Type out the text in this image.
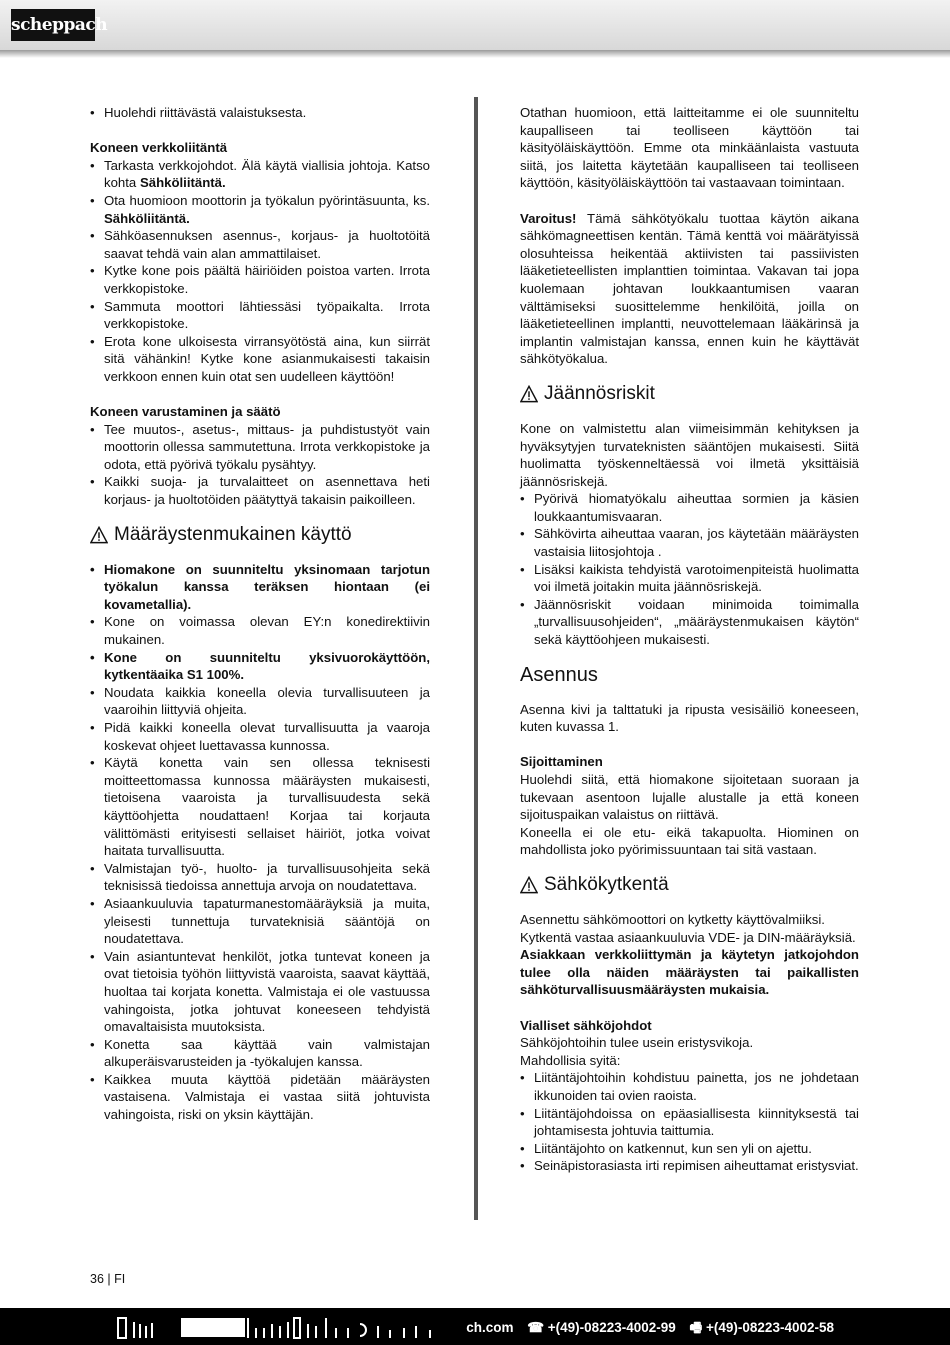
scheppach
• Huolehdi riittävästä valaistuksesta.

Koneen verkkoliitäntä

• Tarkasta verkkojohdot. Älä käytä viallisia johtoja. Katso kohta Sähköliitäntä.
• Ota huomioon moottorin ja työkalun pyörintäsuunta, ks. Sähköliitäntä.
• Sähköasennuksen asennus-, korjaus- ja huoltotöitä saavat tehdä vain alan ammattilaiset.
• Kytke kone pois päältä häiriöiden poistoa varten. Irrota verkkopistoke.
• Sammuta moottori lähtiessäsi työpaikalta. Irrota verkkopistoke.
• Erota kone ulkoisesta virransyötöstä aina, kun siirrät sitä vähänkin! Kytke kone asianmukaisesti takaisin verkkoon ennen kuin otat sen uudelleen käyttöön!

Koneen varustaminen ja säätö

• Tee muutos-, asetus-, mittaus- ja puhdistustyöt vain moottorin ollessa sammutettuna. Irrota verkkopistoke ja odota, että pyörivä työkalu pysähtyy.
• Kaikki suoja- ja turvalaitteet on asennettava heti korjaus- ja huoltotöiden päätyttyä takaisin paikoilleen.
Määräystenmukainen käyttö
• Hiomakone on suunniteltu yksinomaan tarjotun työkalun kanssa teräksen hiontaan (ei kovametallia).
• Kone on voimassa olevan EY:n konedirektiivin mukainen.
• Kone on suunniteltu yksivuorokäyttöön, kytkentäaika S1 100%.
• Noudata kaikkia koneella olevia turvallisuuteen ja vaaroihin liittyviä ohjeita.
• Pidä kaikki koneella olevat turvallisuutta ja vaaroja koskevat ohjeet luettavassa kunnossa.
• Käytä konetta vain sen ollessa teknisesti moitteettomassa kunnossa määräysten mukaisesti, tietoisena vaaroista ja turvallisuudesta sekä käyttöohjetta noudattaen! Korjaa tai korjauta välittömästi erityisesti sellaiset häiriöt, jotka voivat haitata turvallisuutta.
• Valmistajan työ-, huolto- ja turvallisuusohjeita sekä teknisissä tiedoissa annettuja arvoja on noudatettava.
• Asiaankuuluvia tapaturmanestomääräyksiä ja muita, yleisesti tunnettuja turvateknisiä sääntöjä on noudatettava.
• Vain asiantuntevat henkilöt, jotka tuntevat koneen ja ovat tietoisia työhön liittyvistä vaaroista, saavat käyttää, huoltaa tai korjata konetta. Valmistaja ei ole vastuussa vahingoista, jotka johtuvat koneeseen tehdyistä omavaltaisista muutoksista.
• Konetta saa käyttää vain valmistajan alkuperäisvarusteiden ja -työkalujen kanssa.
• Kaikkea muuta käyttöä pidetään määräysten vastaisena. Valmistaja ei vastaa siitä johtuvista vahingoista, riski on yksin käyttäjän.

Otathan huomioon, että laitteitamme ei ole suunniteltu kaupalliseen tai teolliseen käyttöön tai käsityöläiskäyttöön. Emme ota minkäänlaista vastuuta siitä, jos laitetta käytetään kaupalliseen tai teolliseen käyttöön, käsityöläiskäyttöön tai vastaavaan toimintaan.

Varoitus! Tämä sähkötyökalu tuottaa käytön aikana sähkömagneettisen kentän. Tämä kenttä voi määrätyissä olosuhteissa heikentää aktiivisten tai passiivisten lääketieteellisten implanttien toimintaa. Vakavan tai jopa kuolemaan johtavan loukkaantumisen vaaran välttämiseksi suosittelemme henkilöitä, joilla on lääketieteellinen implantti, neuvottelemaan lääkärinsä ja implantin valmistajan kanssa, ennen kuin he käyttävät sähkötyökalua.

Jäännösriskit

Kone on valmistettu alan viimeisimmän kehityksen ja hyväksytyjen turvateknisten sääntöjen mukaisesti. Siitä huolimatta työskenneltäessä voi ilmetä yksittäisiä jäännösriskejä.

• Pyörivä hiomatyökalu aiheuttaa sormien ja käsien loukkaantumisvaaran.
• Sähkövirta aiheuttaa vaaran, jos käytetään määräysten vastaisia liitosjohtoja .
• Lisäksi kaikista tehdyistä varotoimenpiteistä huolimatta voi ilmetä joitakin muita jäännösriskejä.
• Jäännösriskit voidaan minimoida toimimalla „turvallisuusohjeiden“, „määräystenmukaisen käytön“ sekä käyttöohjeen mukaisesti.
Asennus

Asenna kivi ja talttatuki ja ripusta vesisäiliö koneeseen, kuten kuvassa 1.

Sijoittaminen

Huolehdi siitä, että hiomakone sijoitetaan suoraan ja tukevaan asentoon lujalle alustalle ja että koneen sijoituspaikan valaistus on riittävä.

Koneella ei ole etu- eikä takapuolta. Hiominen on mahdollista joko pyörimissuuntaan tai sitä vastaan.

Sähkökytkentä

Asennettu sähkömoottori on kytketty käyttövalmiiksi.

Kytkentä vastaa asiaankuuluvia VDE- ja DIN-määräyksiä.

Asiakkaan verkkoliittymän ja käytetyn jatkojohdon tulee olla näiden määräysten tai paikallisten sähköturvallisuusmääräysten mukaisia.

Vialliset sähköjohdot

Sähköjohtoihin tulee usein eristysvikoja.

Mahdollisia syitä:

• Liitäntäjohtoihin kohdistuu painetta, jos ne johdetaan ikkunoiden tai ovien raoista.
• Liitäntäjohdoissa on epäasiallisesta kiinnityksestä tai johtamisesta johtuvia taittumia.
• Liitäntäjohto on katkennut, kun sen yli on ajettu.
• Seinäpistorasiasta irti repimisen aiheuttamat eristysviat.
36 | FI
ch.com ☎ +(49)-08223-4002-99 🖷 +(49)-08223-4002-58
